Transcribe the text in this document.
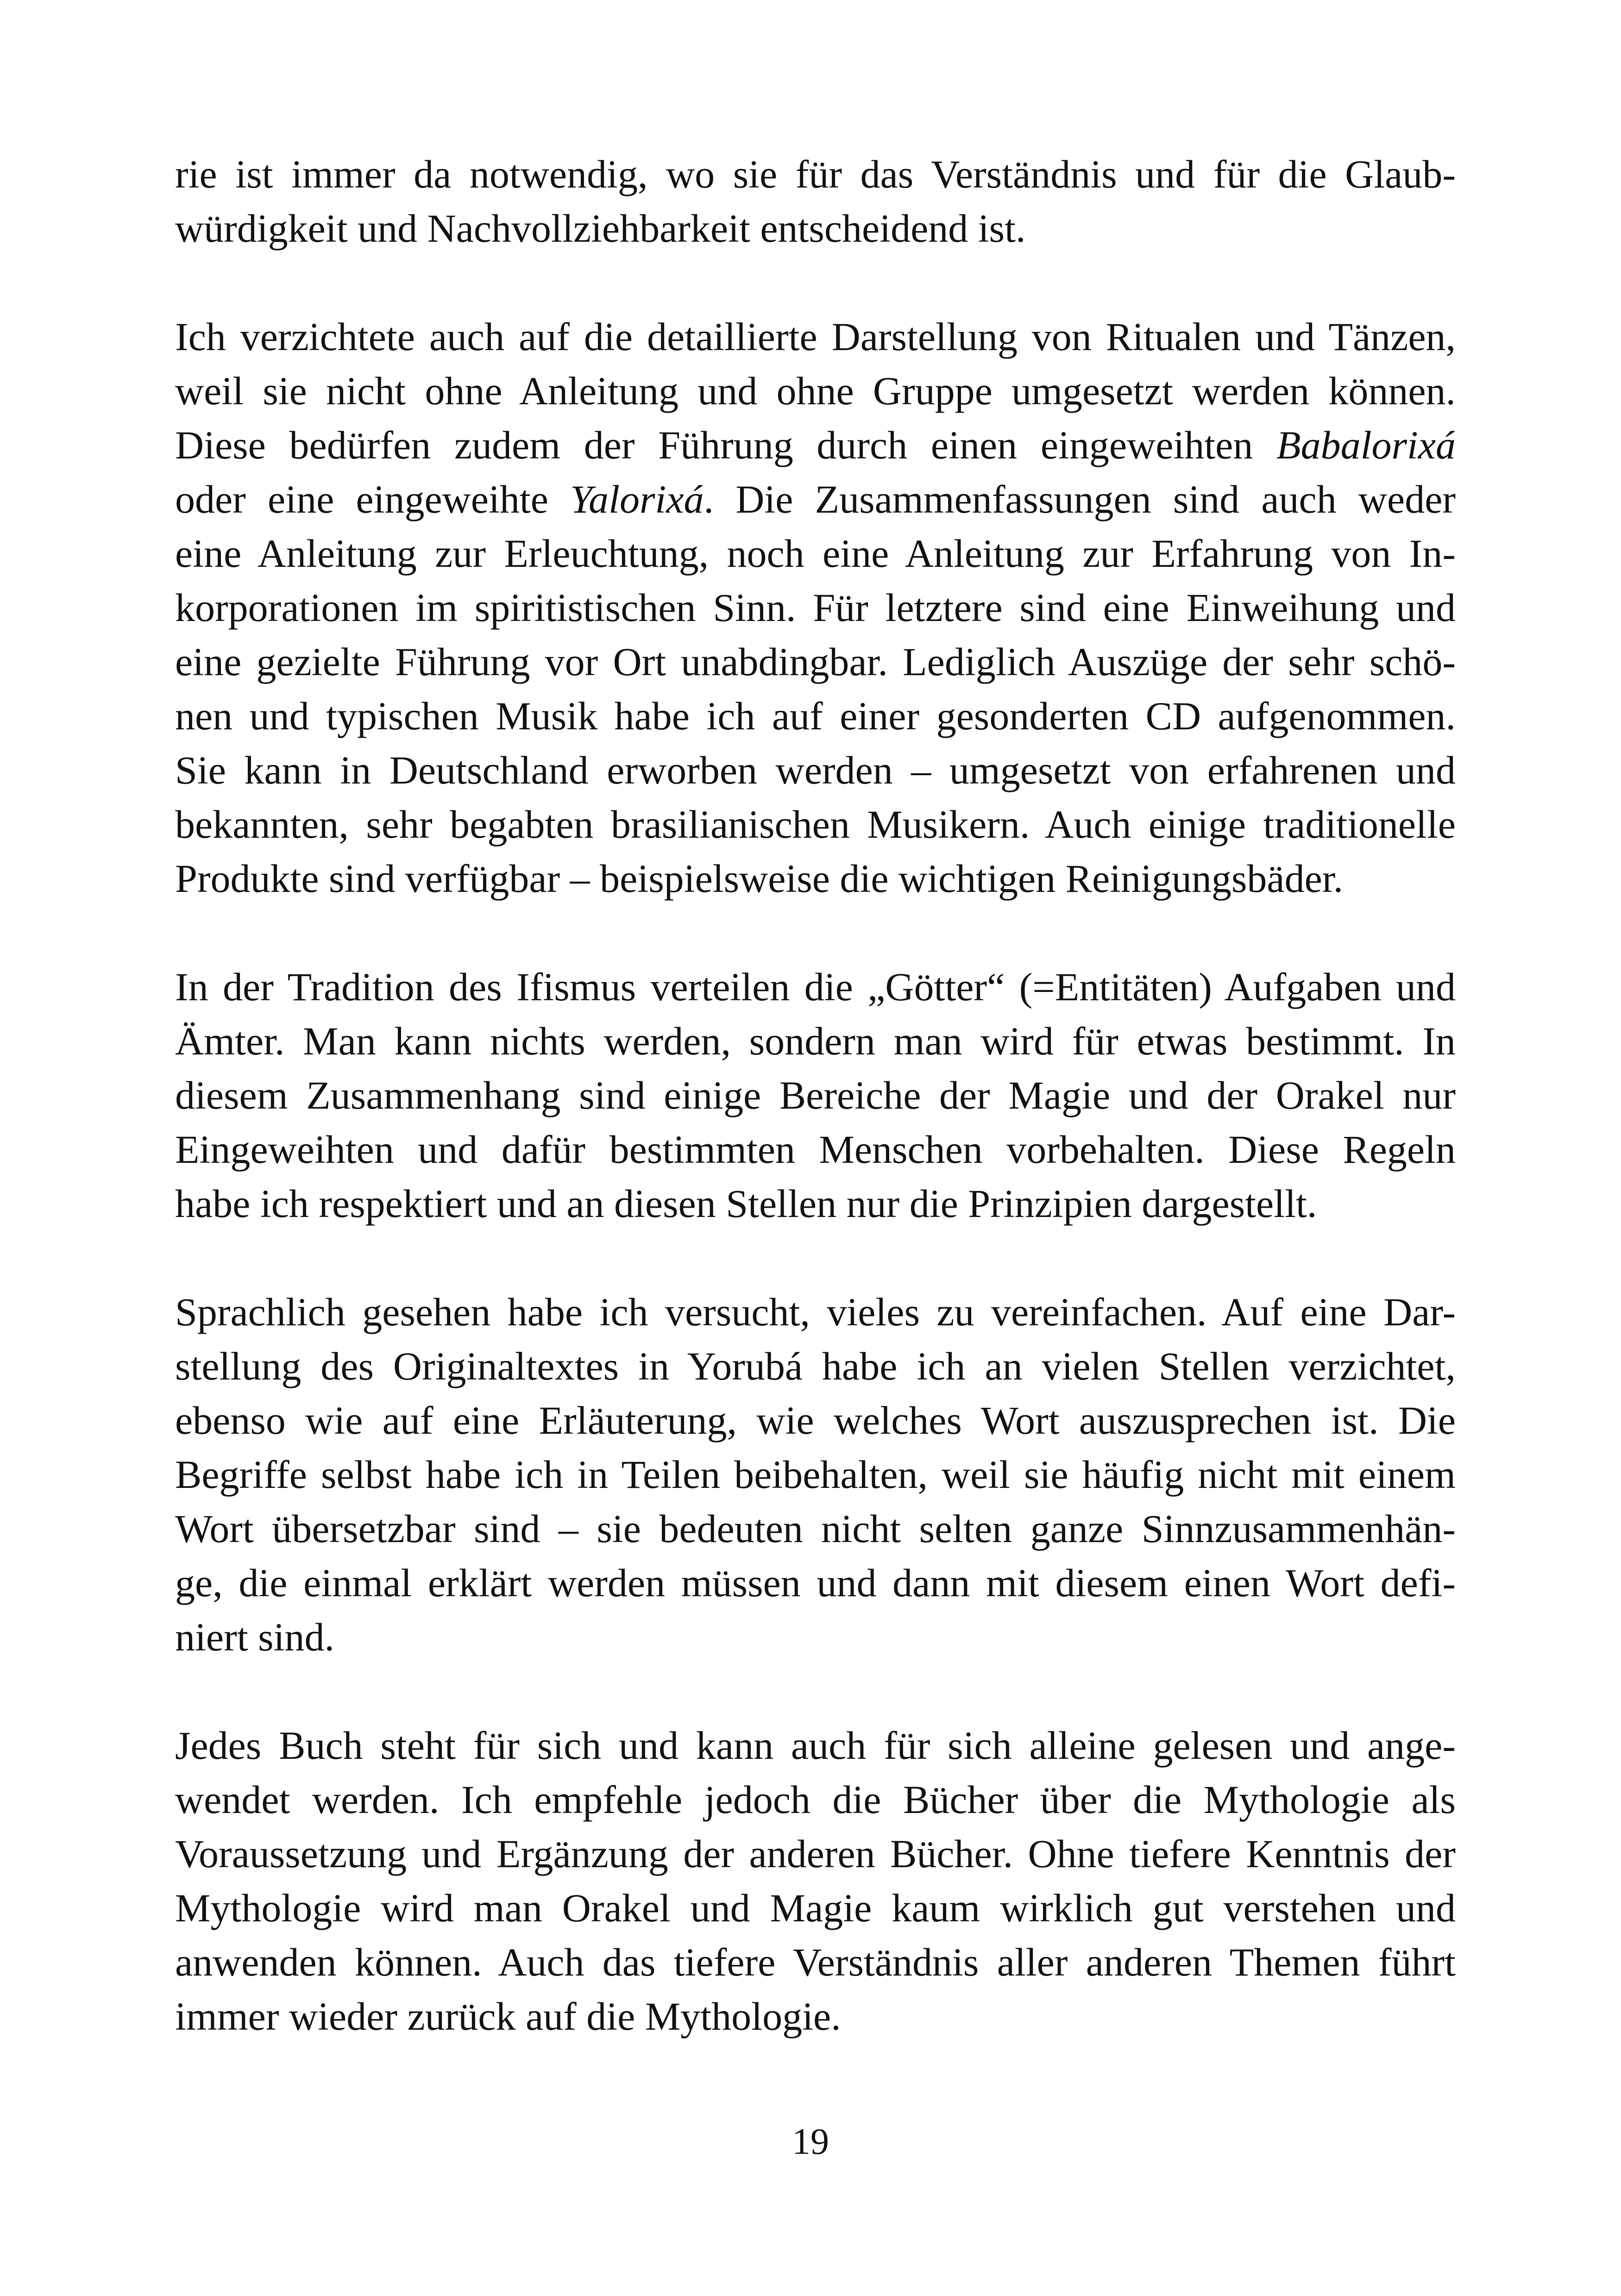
rie ist immer da notwendig, wo sie für das Verständnis und für die Glaub-
würdigkeit und Nachvollziehbarkeit entscheidend ist.

Ich verzichtete auch auf die detaillierte Darstellung von Ritualen und Tänzen,
weil sie nicht ohne Anleitung und ohne Gruppe umgesetzt werden können.
Diese bedürfen zudem der Führung durch einen eingeweihten Babalorixá
oder eine eingeweihte Yalorixá. Die Zusammenfassungen sind auch weder
eine Anleitung zur Erleuchtung, noch eine Anleitung zur Erfahrung von In-
korporationen im spiritistischen Sinn. Für letztere sind eine Einweihung und
eine gezielte Führung vor Ort unabdingbar. Lediglich Auszüge der sehr schö-
nen und typischen Musik habe ich auf einer gesonderten CD aufgenommen.
Sie kann in Deutschland erworben werden – umgesetzt von erfahrenen und
bekannten, sehr begabten brasilianischen Musikern. Auch einige traditionelle
Produkte sind verfügbar – beispielsweise die wichtigen Reinigungsbäder.

In der Tradition des Ifismus verteilen die „Götter“ (=Entitäten) Aufgaben und
Ämter. Man kann nichts werden, sondern man wird für etwas bestimmt. In
diesem Zusammenhang sind einige Bereiche der Magie und der Orakel nur
Eingeweihten und dafür bestimmten Menschen vorbehalten. Diese Regeln
habe ich respektiert und an diesen Stellen nur die Prinzipien dargestellt.

Sprachlich gesehen habe ich versucht, vieles zu vereinfachen. Auf eine Dar-
stellung des Originaltextes in Yorubá habe ich an vielen Stellen verzichtet,
ebenso wie auf eine Erläuterung, wie welches Wort auszusprechen ist. Die
Begriffe selbst habe ich in Teilen beibehalten, weil sie häufig nicht mit einem
Wort übersetzbar sind – sie bedeuten nicht selten ganze Sinnzusammenhän-
ge, die einmal erklärt werden müssen und dann mit diesem einen Wort defi-
niert sind.

Jedes Buch steht für sich und kann auch für sich alleine gelesen und ange-
wendet werden. Ich empfehle jedoch die Bücher über die Mythologie als
Voraussetzung und Ergänzung der anderen Bücher. Ohne tiefere Kenntnis der
Mythologie wird man Orakel und Magie kaum wirklich gut verstehen und
anwenden können. Auch das tiefere Verständnis aller anderen Themen führt
immer wieder zurück auf die Mythologie.

19
